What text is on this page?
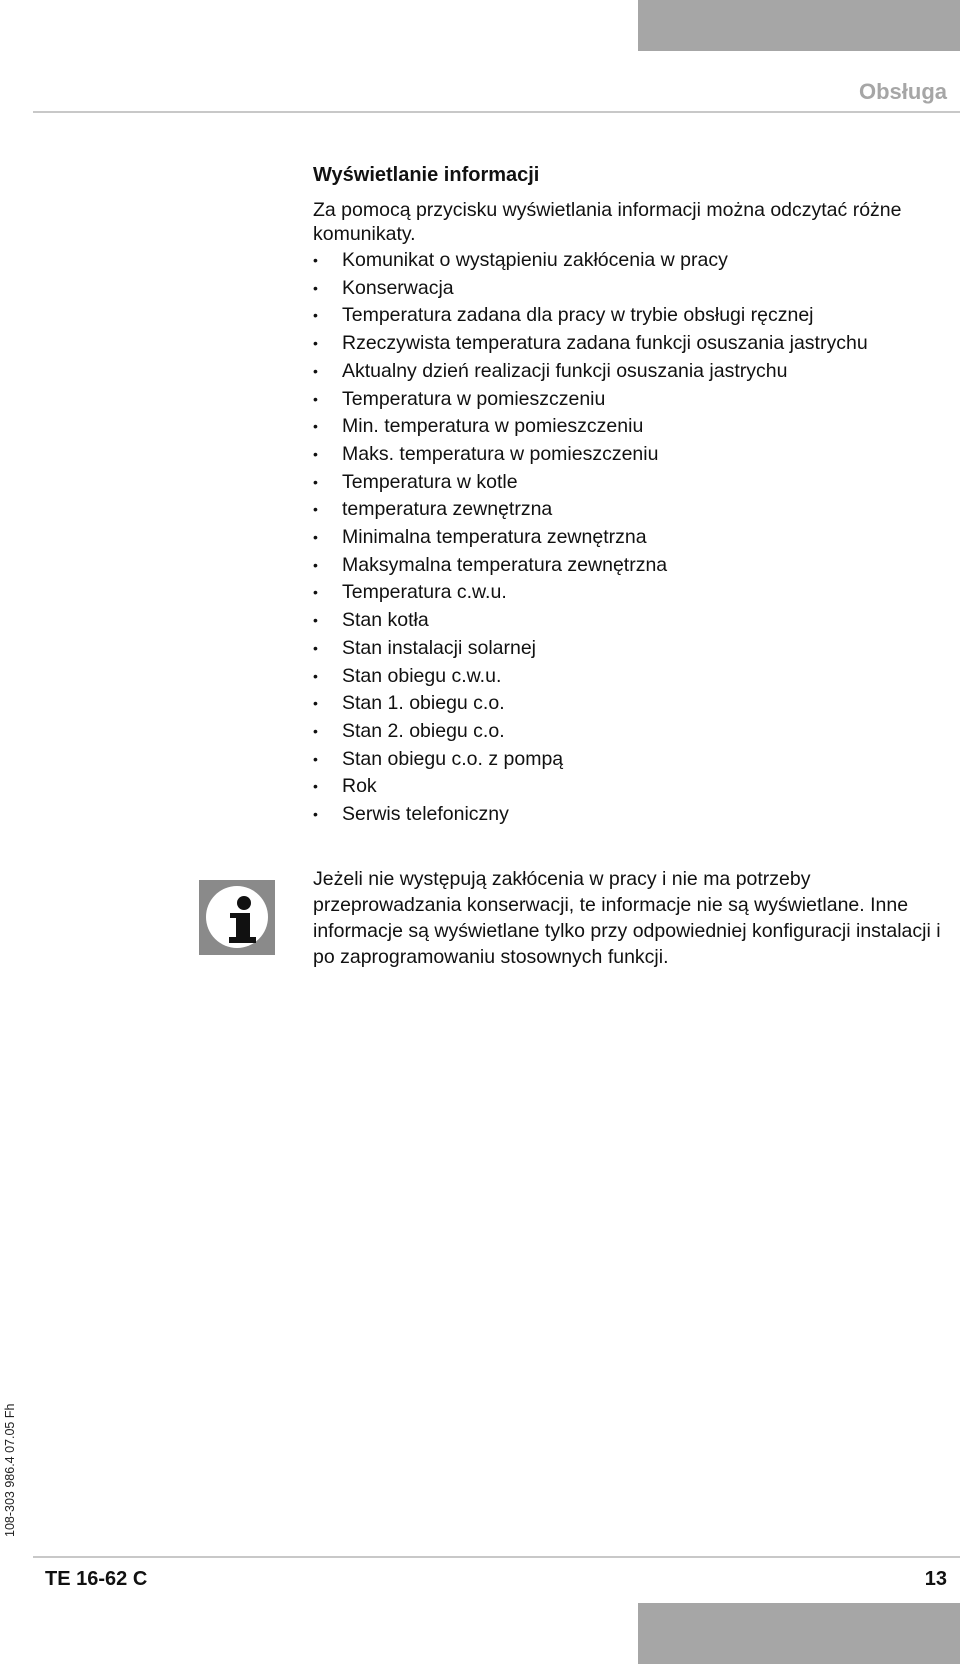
Obsługa
Wyświetlanie informacji

Za pomocą przycisku wyświetlania informacji można odczytać różne komunikaty.

• Komunikat o wystąpieniu zakłócenia w pracy
• Konserwacja
• Temperatura zadana dla pracy w trybie obsługi ręcznej
• Rzeczywista temperatura zadana funkcji osuszania jastrychu
• Aktualny dzień realizacji funkcji osuszania jastrychu
• Temperatura w pomieszczeniu
• Min. temperatura w pomieszczeniu
• Maks. temperatura w pomieszczeniu
• Temperatura w kotle
• temperatura zewnętrzna
• Minimalna temperatura zewnętrzna
• Maksymalna temperatura zewnętrzna
• Temperatura c.w.u.
• Stan kotła
• Stan instalacji solarnej
• Stan obiegu c.w.u.
• Stan 1. obiegu c.o.
• Stan 2. obiegu c.o.
• Stan obiegu c.o. z pompą
• Rok
• Serwis telefoniczny

Jeżeli nie występują zakłócenia w pracy i nie ma potrzeby przeprowadzania konserwacji, te informacje nie są wyświetlane. Inne informacje są wyświetlane tylko przy odpowiedniej konfiguracji instalacji i po zaprogramowaniu stosownych funkcji.

108-303 986.4 07.05 Fh
TE 16-62 C	13
